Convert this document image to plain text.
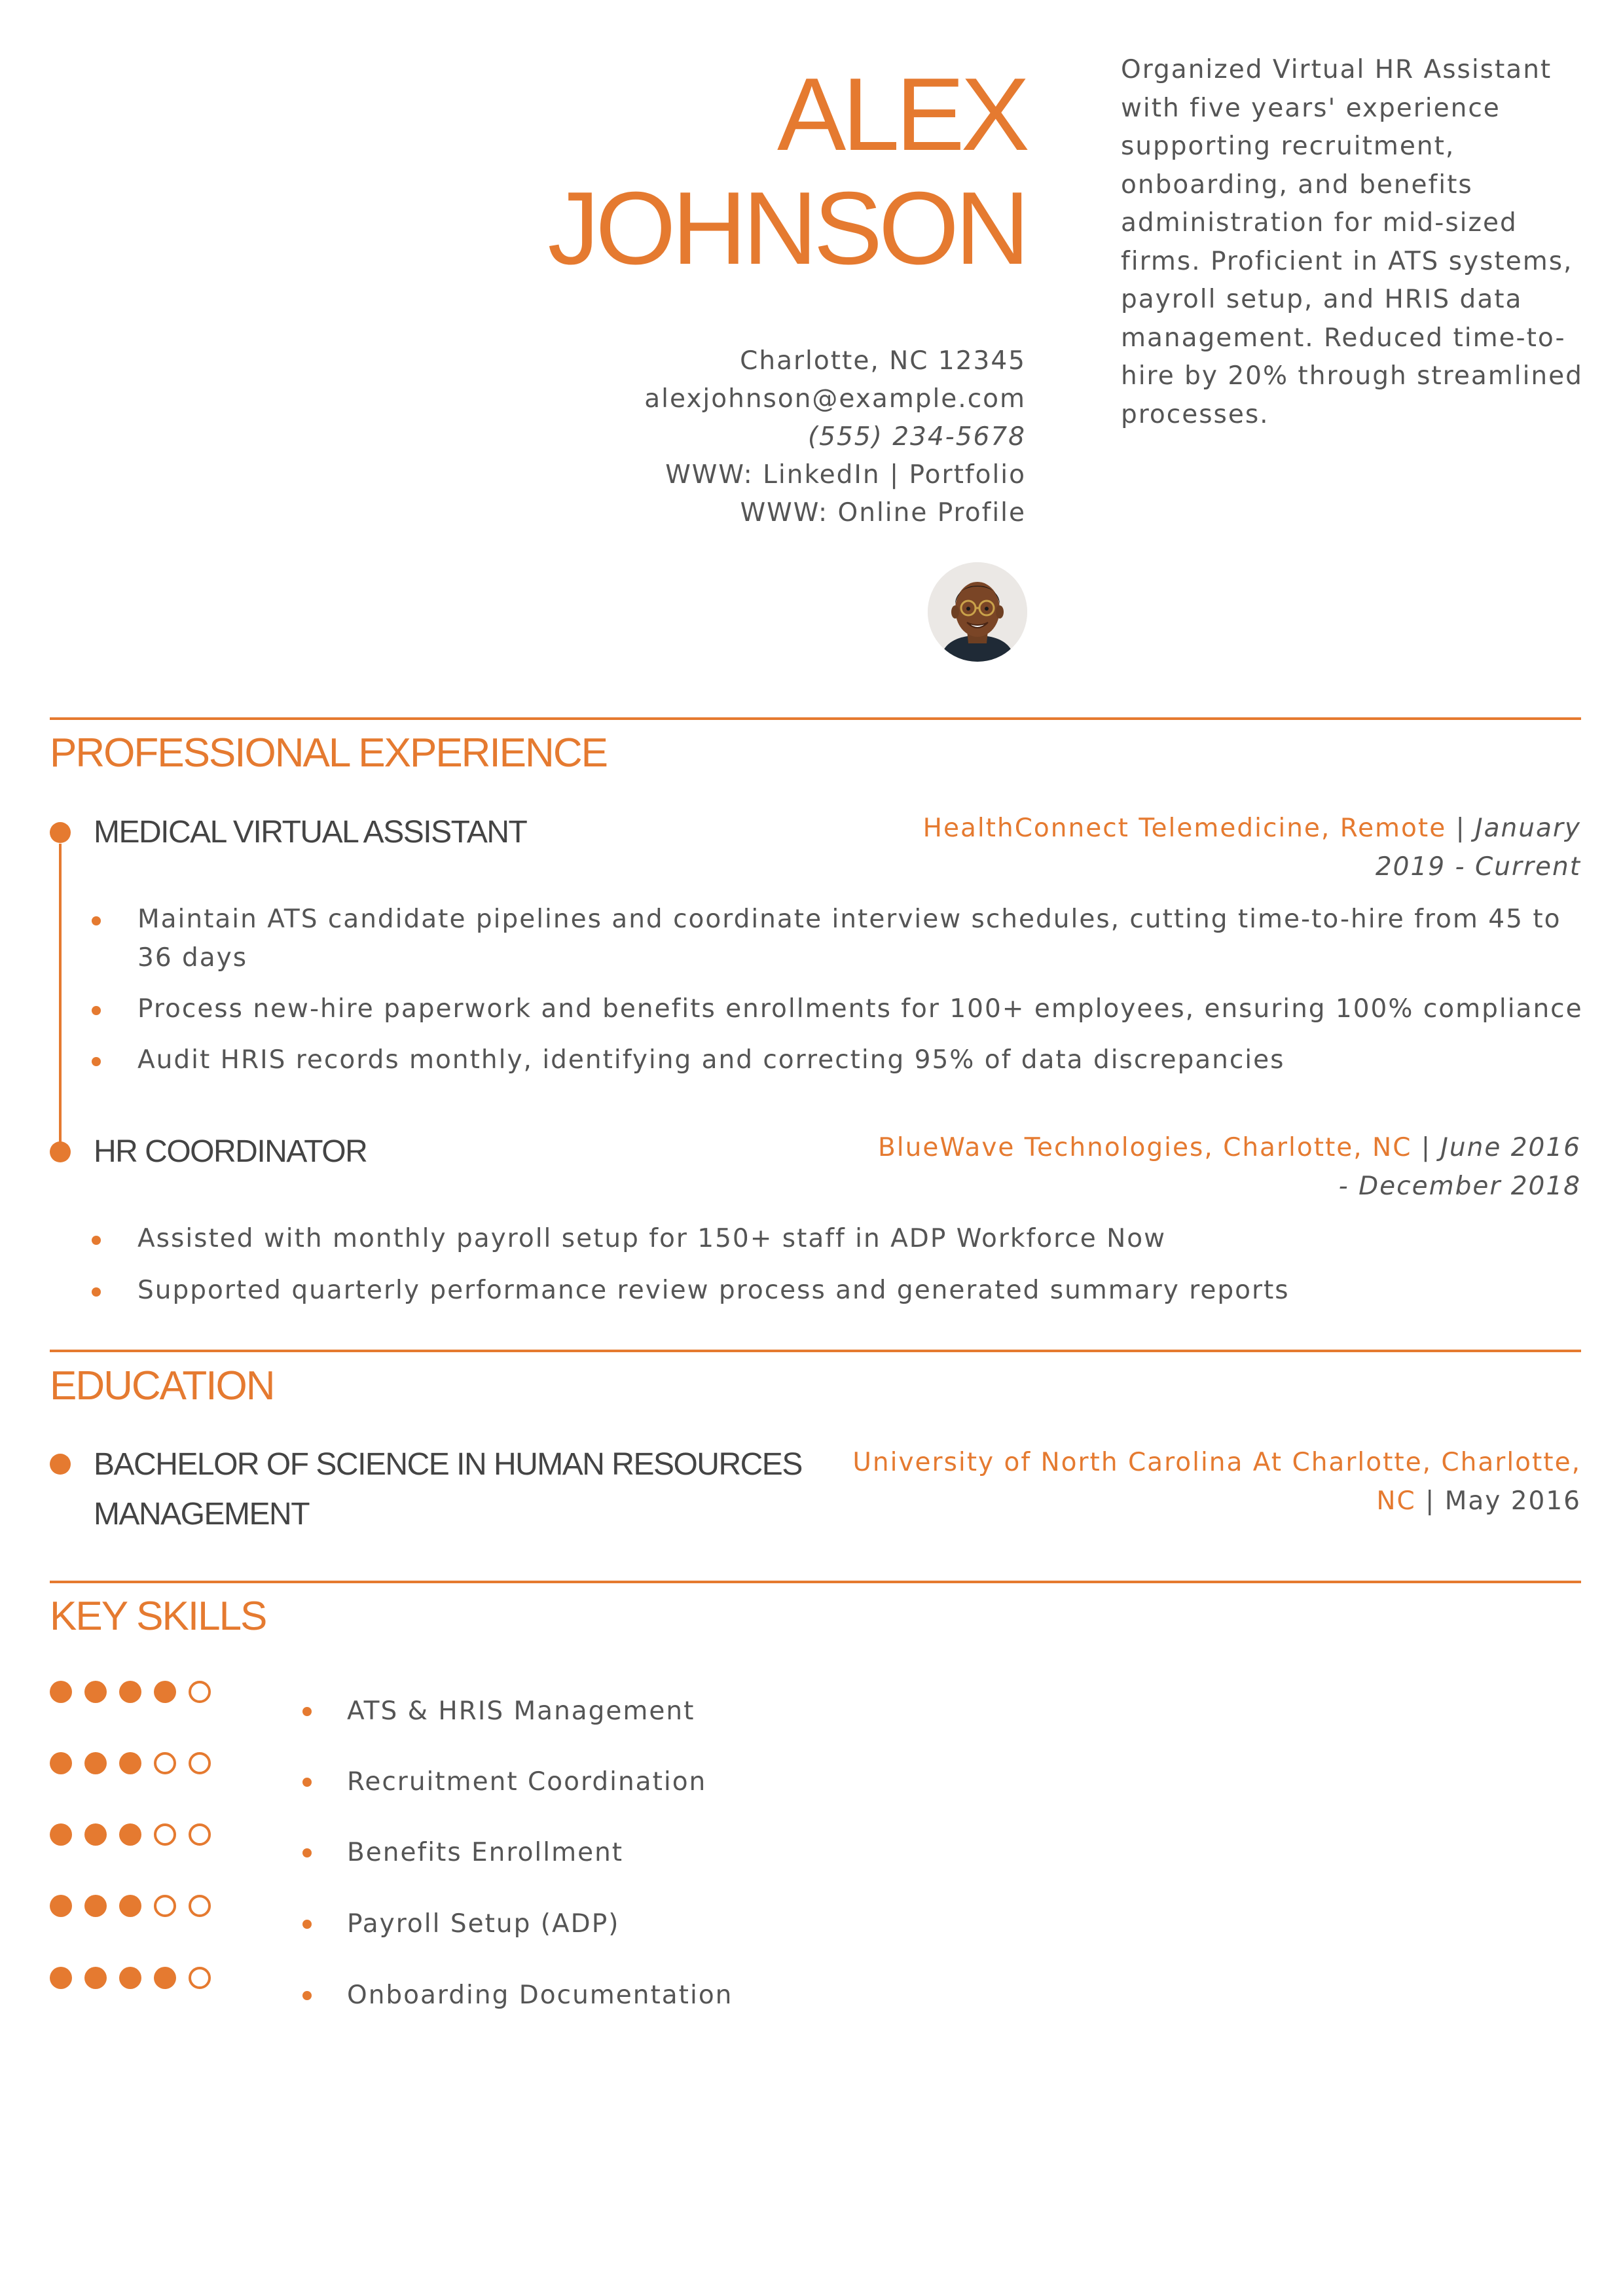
ALEX
JOHNSON
Charlotte, NC 12345
alexjohnson@example.com
(555) 234-5678
WWW: LinkedIn | Portfolio
WWW: Online Profile
Organized Virtual HR Assistant with five years' experience supporting recruitment, onboarding, and benefits administration for mid-sized firms. Proficient in ATS systems, payroll setup, and HRIS data management. Reduced time-to-hire by 20% through streamlined processes.
PROFESSIONAL EXPERIENCE
MEDICAL VIRTUAL ASSISTANT	HealthConnect Telemedicine, Remote | January
2019 - Current
Maintain ATS candidate pipelines and coordinate interview schedules, cutting time-to-hire from 45 to 36 days
Process new-hire paperwork and benefits enrollments for 100+ employees, ensuring 100% compliance
Audit HRIS records monthly, identifying and correcting 95% of data discrepancies
HR COORDINATOR	BlueWave Technologies, Charlotte, NC | June 2016
- December 2018
Assisted with monthly payroll setup for 150+ staff in ADP Workforce Now
Supported quarterly performance review process and generated summary reports
EDUCATION
BACHELOR OF SCIENCE IN HUMAN RESOURCES
MANAGEMENT
University of North Carolina At Charlotte, Charlotte,
NC | May 2016
KEY SKILLS
ATS & HRIS Management
Recruitment Coordination
Benefits Enrollment
Payroll Setup (ADP)
Onboarding Documentation
